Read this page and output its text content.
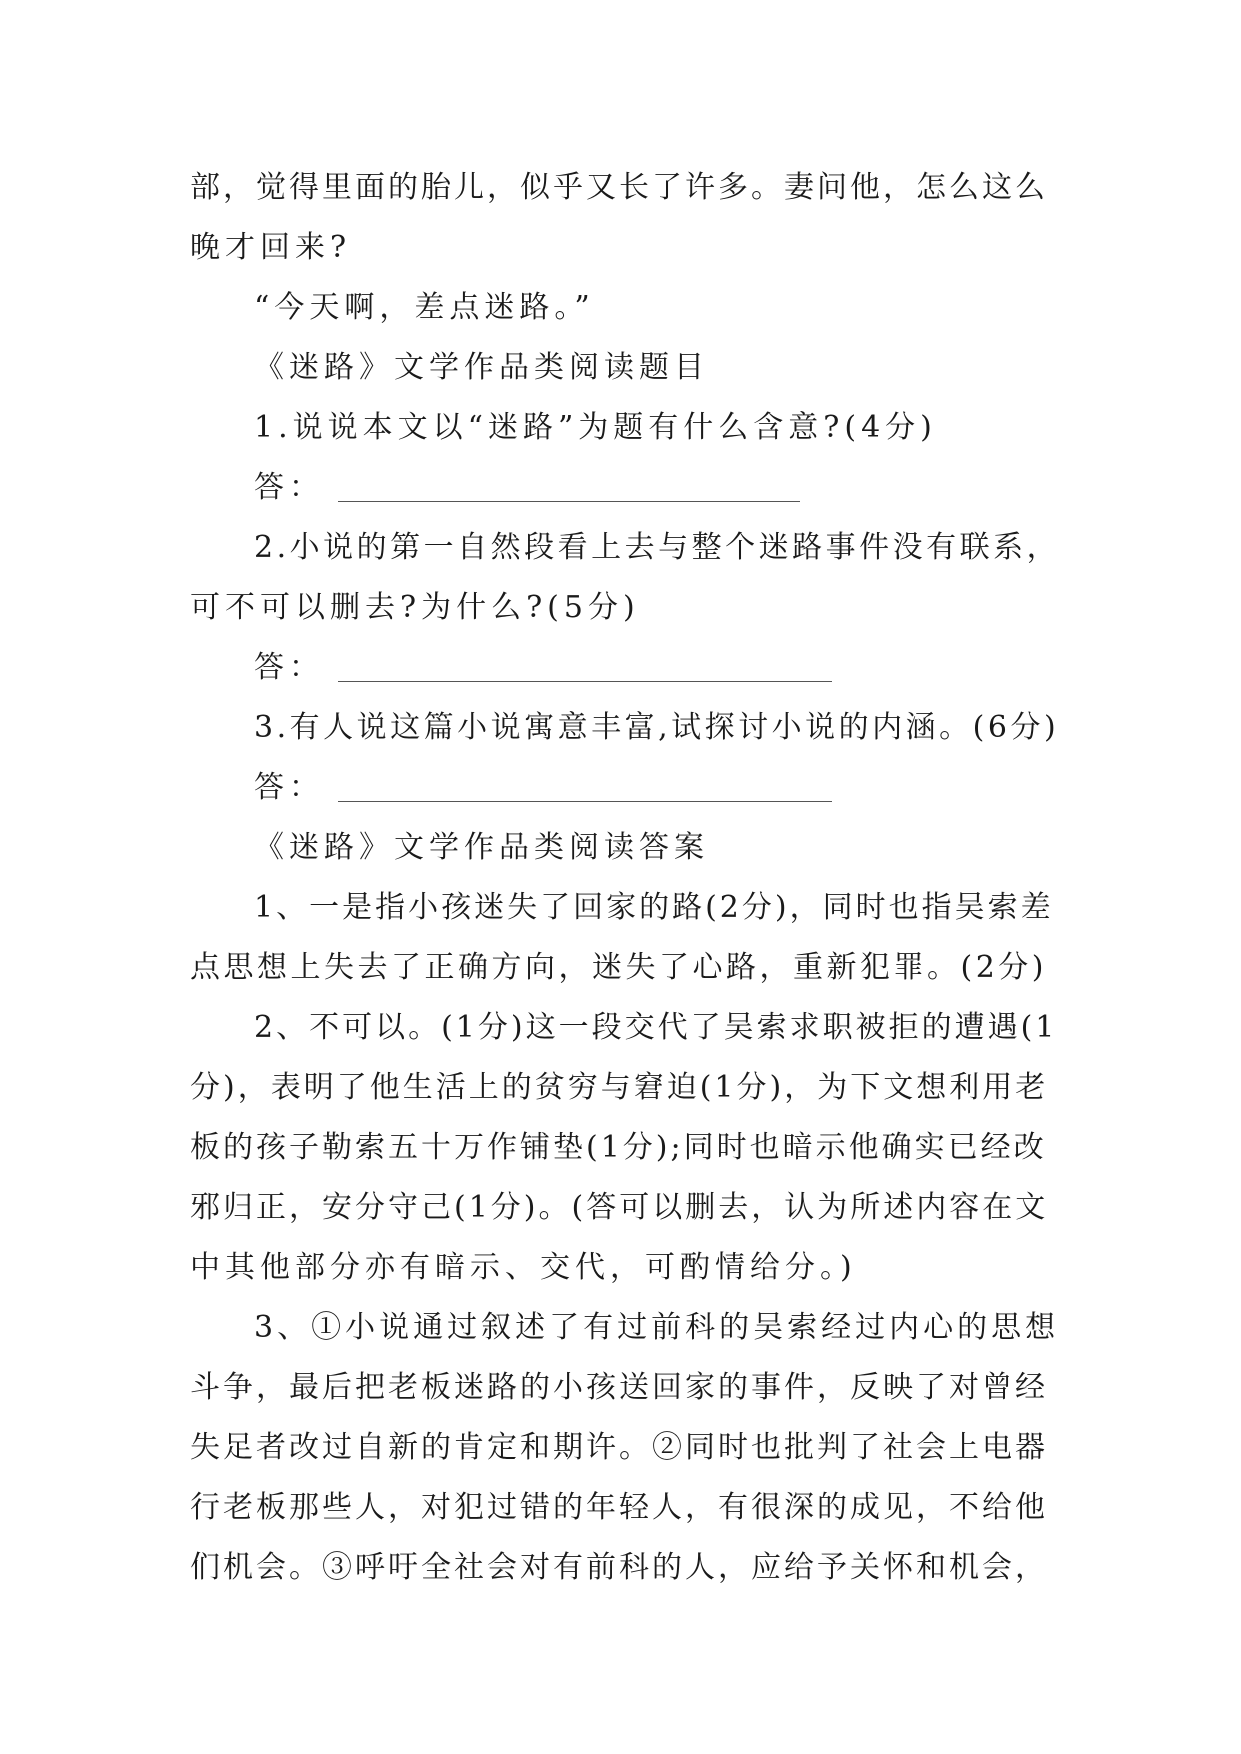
部，觉得里面的胎儿，似乎又长了许多。妻问他，怎么这么
晚才回来?
“今天啊，差点迷路。”
《迷路》文学作品类阅读题目
1.说说本文以“迷路”为题有什么含意?(4分)
答：
2.小说的第一自然段看上去与整个迷路事件没有联系，
可不可以删去?为什么?(5分)
答：
3.有人说这篇小说寓意丰富,试探讨小说的内涵。(6分)
答：
《迷路》文学作品类阅读答案
1、一是指小孩迷失了回家的路(2分)，同时也指吴索差
点思想上失去了正确方向，迷失了心路，重新犯罪。(2分)
2、不可以。(1分)这一段交代了吴索求职被拒的遭遇(1
分)，表明了他生活上的贫穷与窘迫(1分)，为下文想利用老
板的孩子勒索五十万作铺垫(1分);同时也暗示他确实已经改
邪归正，安分守己(1分)。(答可以删去，认为所述内容在文
中其他部分亦有暗示、交代，可酌情给分。)
3、①小说通过叙述了有过前科的吴索经过内心的思想
斗争，最后把老板迷路的小孩送回家的事件，反映了对曾经
失足者改过自新的肯定和期许。②同时也批判了社会上电器
行老板那些人，对犯过错的年轻人，有很深的成见，不给他
们机会。③呼吁全社会对有前科的人，应给予关怀和机会，
